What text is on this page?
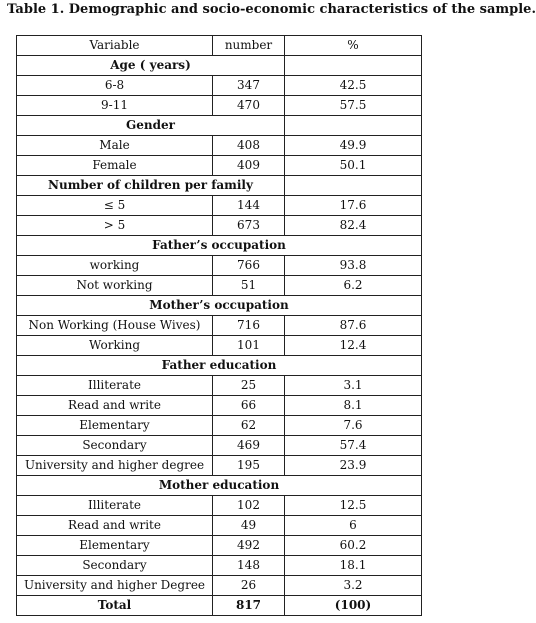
Table 1. Demographic and socio-economic characteristics of the sample.
Variable	number	%
Age ( years)		
6-8	347	42.5
9-11	470	57.5
Gender		
Male	408	49.9
Female	409	50.1
Number of children per family		
≤ 5	144	17.6
> 5	673	82.4
Father’s occupation		
working	766	93.8
Not working	51	6.2
Mother’s occupation		
Non Working (House Wives)	716	87.6
Working	101	12.4
Father education		
Illiterate	25	3.1
Read and write	66	8.1
Elementary	62	7.6
Secondary	469	57.4
University and higher degree	195	23.9
Mother education		
Illiterate	102	12.5
Read and write	49	6
Elementary	492	60.2
Secondary	148	18.1
University and higher Degree	26	3.2
Total	817	(100)
